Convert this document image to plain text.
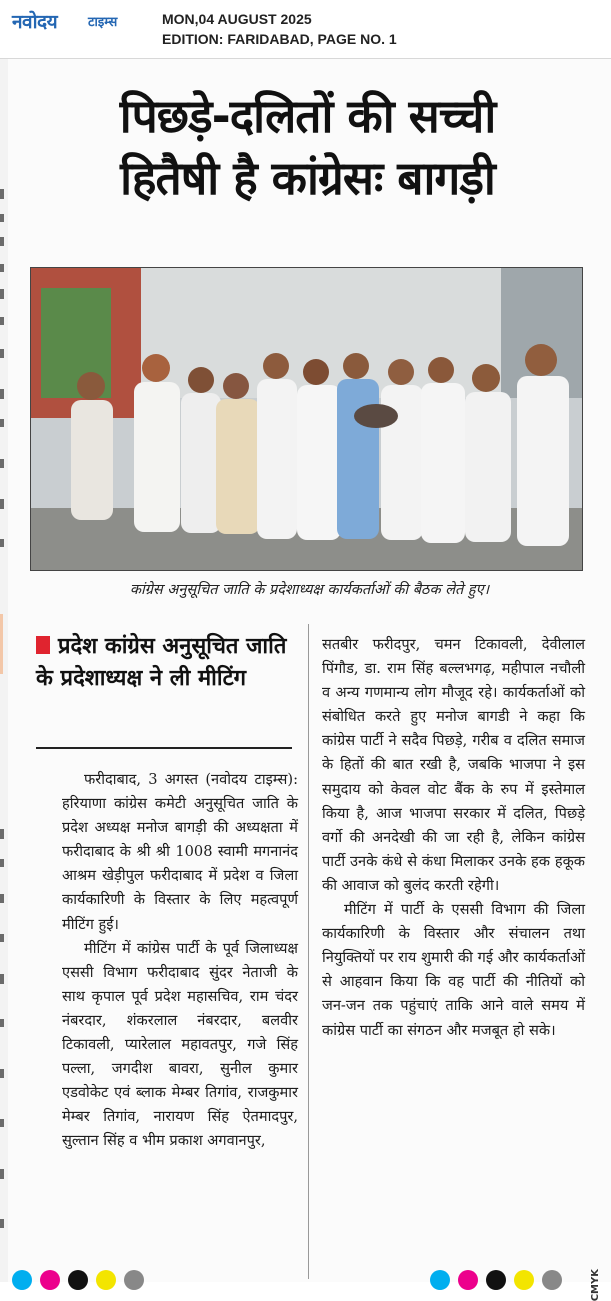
नवोदय टाइम्स	MON,04 AUGUST 2025
EDITION: FARIDABAD, PAGE NO. 1
पिछड़े-दलितों की सच्ची
हितैषी है कांग्रेसः बागड़ी
कांग्रेस अनुसूचित जाति के प्रदेशाध्यक्ष कार्यकर्ताओं की बैठक लेते हुए।
प्रदेश कांग्रेस अनुसूचित जाति के प्रदेशाध्यक्ष ने ली मीटिंग

फरीदाबाद, 3 अगस्त (नवोदय टाइम्स): हरियाणा कांग्रेस कमेटी अनुसूचित जाति के प्रदेश अध्यक्ष मनोज बागड़ी की अध्यक्षता में फरीदाबाद के श्री श्री 1008 स्वामी मगनानंद आश्रम खेड़ीपुल फरीदाबाद में प्रदेश व जिला कार्यकारिणी के विस्तार के लिए महत्वपूर्ण मीटिंग हुई।

मीटिंग में कांग्रेस पार्टी के पूर्व जिलाध्यक्ष एससी विभाग फरीदाबाद सुंदर नेताजी के साथ कृपाल पूर्व प्रदेश महासचिव, राम चंदर नंबरदार, शंकरलाल नंबरदार, बलवीर टिकावली, प्यारेलाल महावतपुर, गजे सिंह पल्ला, जगदीश बावरा, सुनील कुमार एडवोकेट एवं ब्लाक मेम्बर तिगांव, राजकुमार मेम्बर तिगांव, नारायण सिंह ऐतमादपुर, सुल्तान सिंह व भीम प्रकाश अगवानपुर,

सतबीर फरीदपुर, चमन टिकावली, देवीलाल पिंगौड, डा. राम सिंह बल्लभगढ़, महीपाल नचौली व अन्य गणमान्य लोग मौजूद रहे। कार्यकर्ताओं को संबोधित करते हुए मनोज बागडी ने कहा कि कांग्रेस पार्टी ने सदैव पिछड़े, गरीब व दलित समाज के हितों की बात रखी है, जबकि भाजपा ने इस समुदाय को केवल वोट बैंक के रुप में इस्तेमाल किया है, आज भाजपा सरकार में दलित, पिछड़े वर्गो की अनदेखी की जा रही है, लेकिन कांग्रेस पार्टी उनके कंधे से कंधा मिलाकर उनके हक हकूक की आवाज को बुलंद करती रहेगी।

मीटिंग में पार्टी के एससी विभाग की जिला कार्यकारिणी के विस्तार और संचालन तथा नियुक्तियों पर राय शुमारी की गई और कार्यकर्ताओं से आहवान किया कि वह पार्टी की नीतियों को जन-जन तक पहुंचाएं ताकि आने वाले समय में कांग्रेस पार्टी का संगठन और मजबूत हो सके।

CMYK
